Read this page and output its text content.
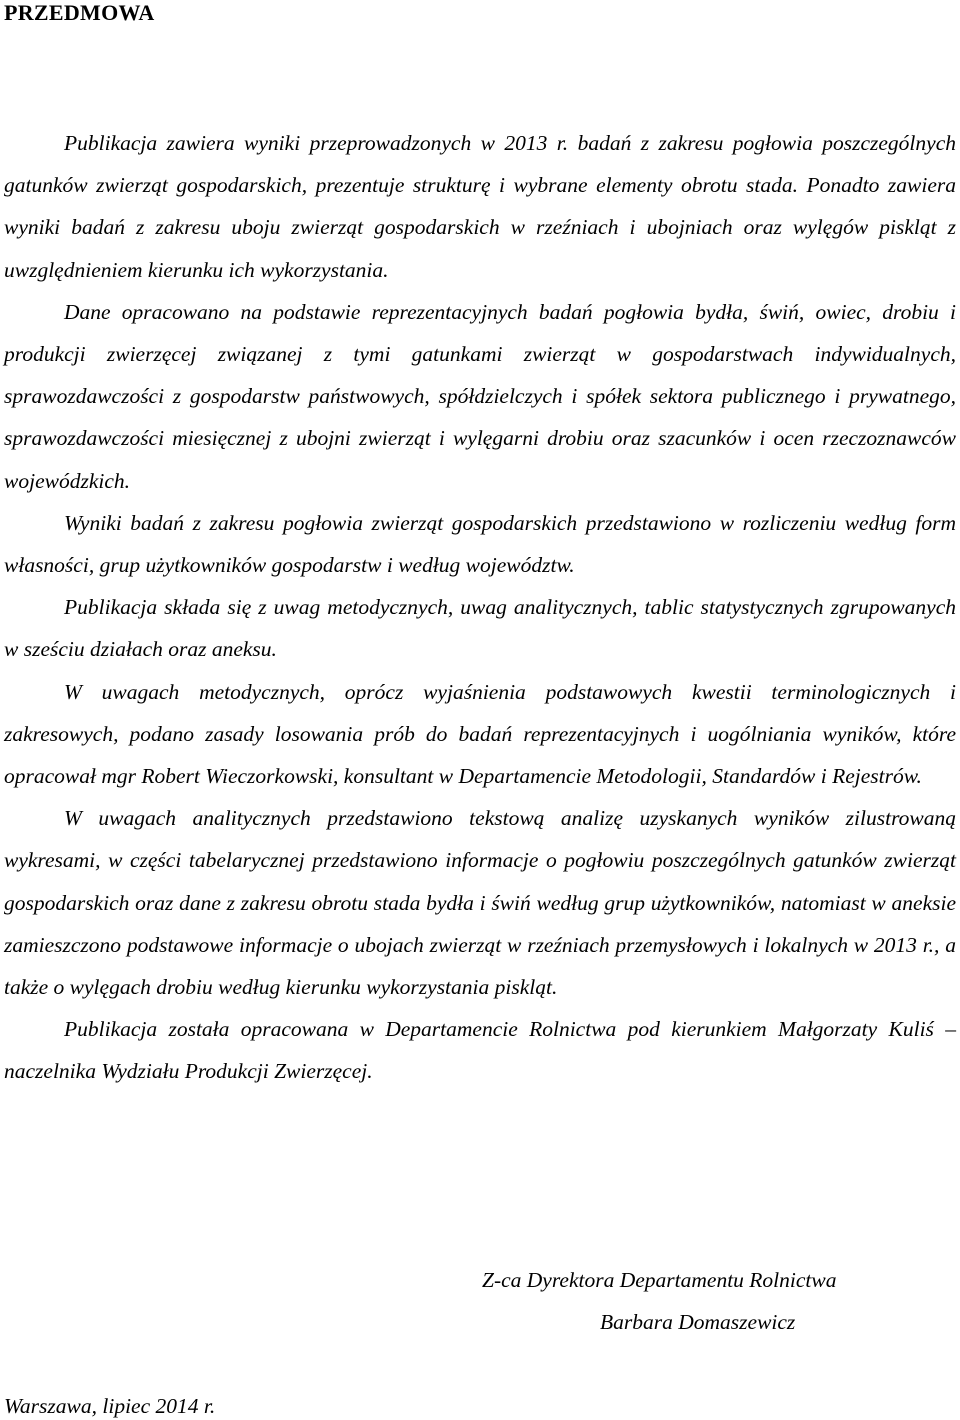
PRZEDMOWA

Publikacja zawiera wyniki przeprowadzonych w 2013 r. badań z zakresu pogłowia poszczególnych gatunków zwierząt gospodarskich, prezentuje strukturę i wybrane elementy obrotu stada. Ponadto zawiera wyniki badań z zakresu uboju zwierząt gospodarskich w rzeźniach i ubojniach oraz wylęgów piskląt z uwzględnieniem kierunku ich wykorzystania.

Dane opracowano na podstawie reprezentacyjnych badań pogłowia bydła, świń, owiec, drobiu i produkcji zwierzęcej związanej z tymi gatunkami zwierząt w gospodarstwach indywidualnych, sprawozdawczości z gospodarstw państwowych, spółdzielczych i spółek sektora publicznego i prywatnego, sprawozdawczości miesięcznej z ubojni zwierząt i wylęgarni drobiu oraz szacunków i ocen rzeczoznawców wojewódzkich.

Wyniki badań z zakresu pogłowia zwierząt gospodarskich przedstawiono w rozliczeniu według form własności, grup użytkowników gospodarstw i według województw.

Publikacja składa się z uwag metodycznych, uwag analitycznych, tablic statystycznych zgrupowanych w sześciu działach oraz aneksu.

W uwagach metodycznych, oprócz wyjaśnienia podstawowych kwestii terminologicznych i zakresowych, podano zasady losowania prób do badań reprezentacyjnych i uogólniania wyników, które opracował mgr Robert Wieczorkowski, konsultant w Departamencie Metodologii, Standardów i Rejestrów.

W uwagach analitycznych przedstawiono tekstową analizę uzyskanych wyników zilustrowaną wykresami, w części tabelarycznej przedstawiono informacje o pogłowiu poszczególnych gatunków zwierząt gospodarskich oraz dane z zakresu obrotu stada bydła i świń według grup użytkowników, natomiast w aneksie zamieszczono podstawowe informacje o ubojach zwierząt w rzeźniach przemysłowych i lokalnych w 2013 r., a także o wylęgach drobiu według kierunku wykorzystania piskląt.

Publikacja została opracowana w Departamencie Rolnictwa pod kierunkiem Małgorzaty Kuliś – naczelnika Wydziału Produkcji Zwierzęcej.

Z-ca Dyrektora Departamentu Rolnictwa
Barbara Domaszewicz
Warszawa, lipiec 2014 r.
